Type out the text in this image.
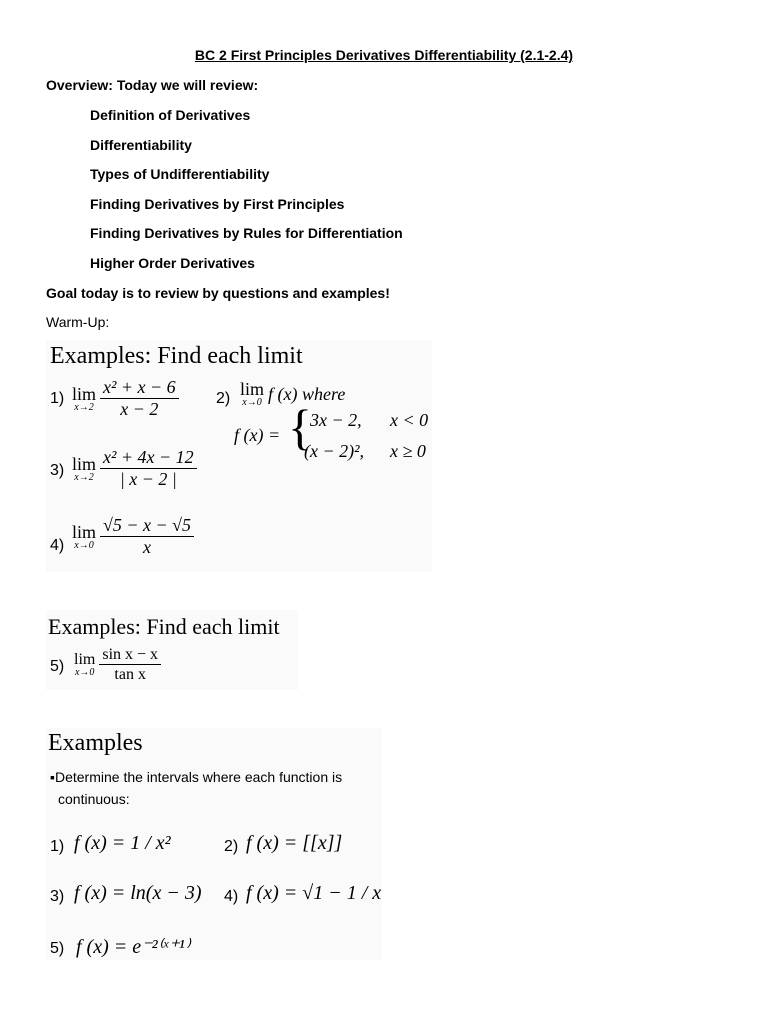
BC 2 First Principles Derivatives Differentiability (2.1-2.4)
Overview: Today we will review:
Definition of Derivatives
Differentiability
Types of Undifferentiability
Finding Derivatives by First Principles
Finding Derivatives by Rules for Differentiation
Higher Order Derivatives
Goal today is to review by questions and examples!
Warm-Up:
Examples: Find each limit
1) lim
$x\to 2 \frac{\text{x² + x − 6}}{x - 2} 2$) lim
x→0 f (x) where
f (x) = {
3x − 2, x < 0
(x − 2)², x ≥ 0
3) lim
$x\to 2 \frac{\text{x² + 4x − 12}}{| x - 2 |}$
4)
lim
$x\to 0 \frac{√5 - x - √5}{x}$
Examples: Find each limit
5) lim
$x\to 0 \frac{\text{sin x − x}}{\text{tan x}}$
Examples
▪Determine the intervals where each function is
continuous:
1) f (x) = 1 / x²	2) f (x) = [[x]]
3) f (x) = ln(x − 3) 4) f (x) = √1 − 1 / x
5) f (x) = e⁻²⁽ˣ⁺¹⁾
